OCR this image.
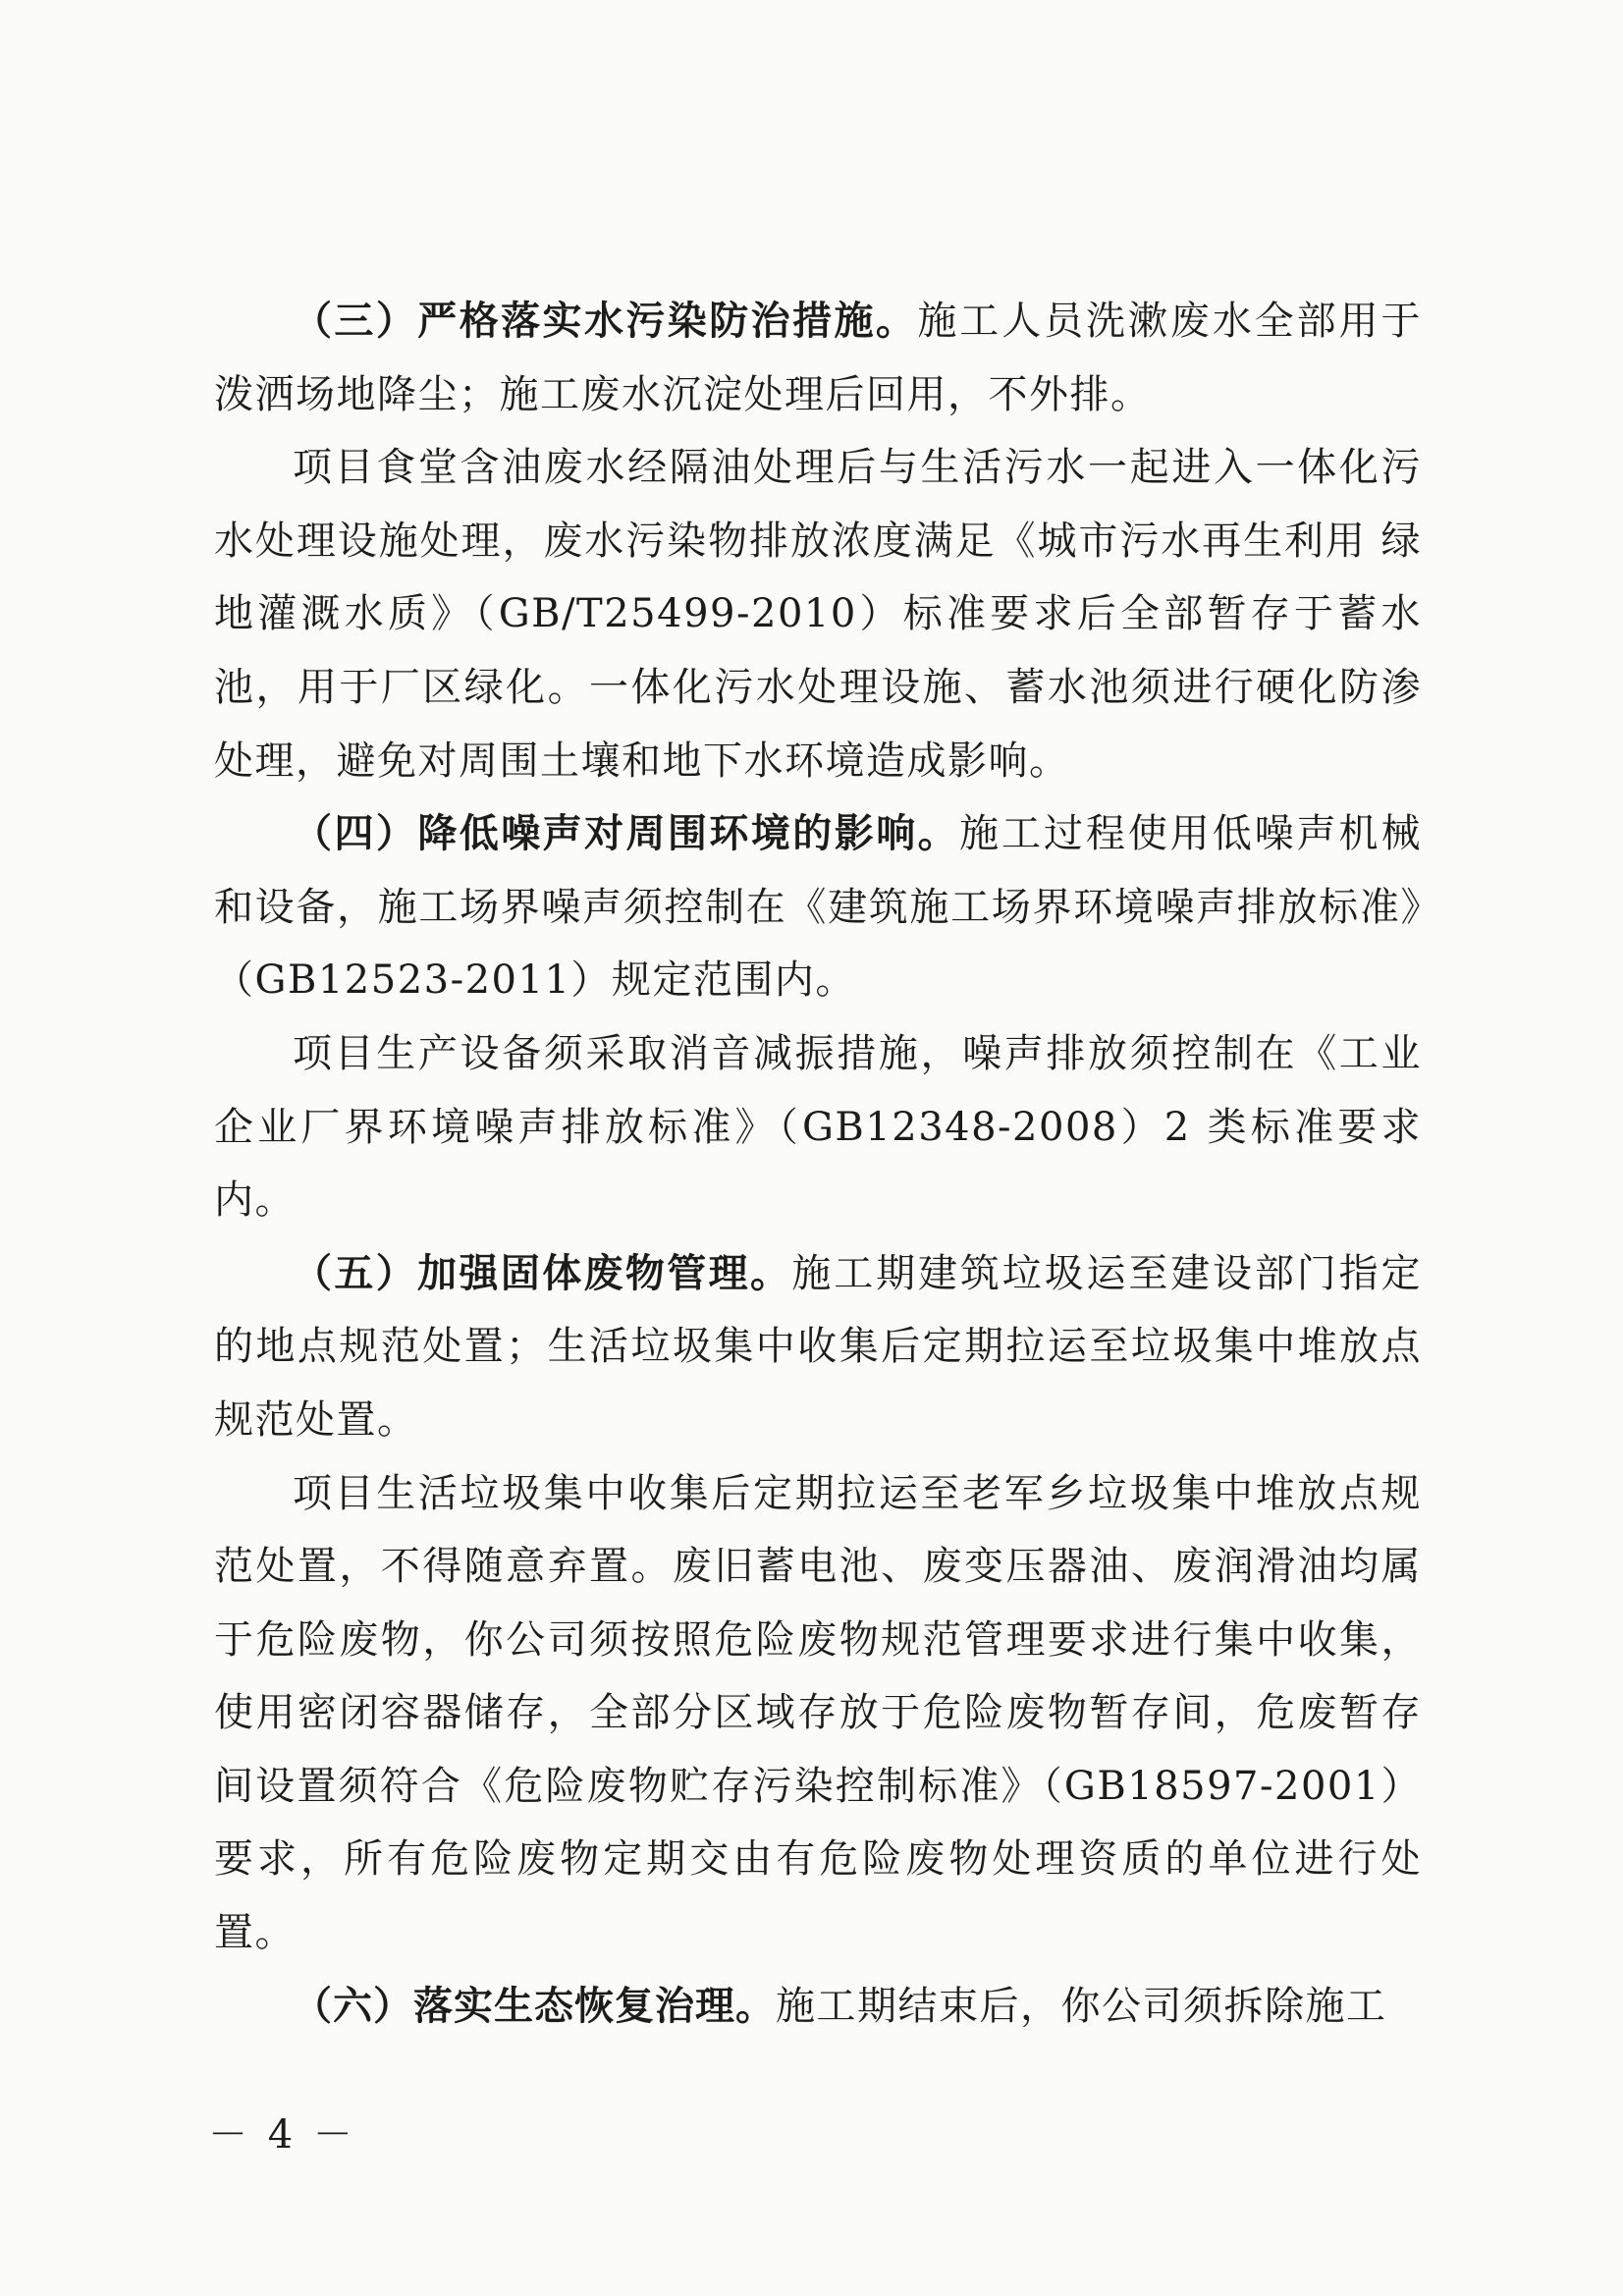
（三）严格落实水污染防治措施。施工人员洗漱废水全部用于泼洒场地降尘；施工废水沉淀处理后回用，不外排。

项目食堂含油废水经隔油处理后与生活污水一起进入一体化污水处理设施处理，废水污染物排放浓度满足《城市污水再生利用 绿地灌溉水质》（GB/T25499-2010）标准要求后全部暂存于蓄水池，用于厂区绿化。一体化污水处理设施、蓄水池须进行硬化防渗处理，避免对周围土壤和地下水环境造成影响。

（四）降低噪声对周围环境的影响。施工过程使用低噪声机械和设备，施工场界噪声须控制在《建筑施工场界环境噪声排放标准》（GB12523-2011）规定范围内。

项目生产设备须采取消音减振措施，噪声排放须控制在《工业企业厂界环境噪声排放标准》（GB12348-2008）2 类标准要求内。

（五）加强固体废物管理。施工期建筑垃圾运至建设部门指定的地点规范处置；生活垃圾集中收集后定期拉运至垃圾集中堆放点规范处置。

项目生活垃圾集中收集后定期拉运至老军乡垃圾集中堆放点规范处置，不得随意弃置。废旧蓄电池、废变压器油、废润滑油均属于危险废物，你公司须按照危险废物规范管理要求进行集中收集，使用密闭容器储存，全部分区域存放于危险废物暂存间，危废暂存间设置须符合《危险废物贮存污染控制标准》（GB18597-2001）要求，所有危险废物定期交由有危险废物处理资质的单位进行处置。

（六）落实生态恢复治理。施工期结束后，你公司须拆除施工

－ 4 －
